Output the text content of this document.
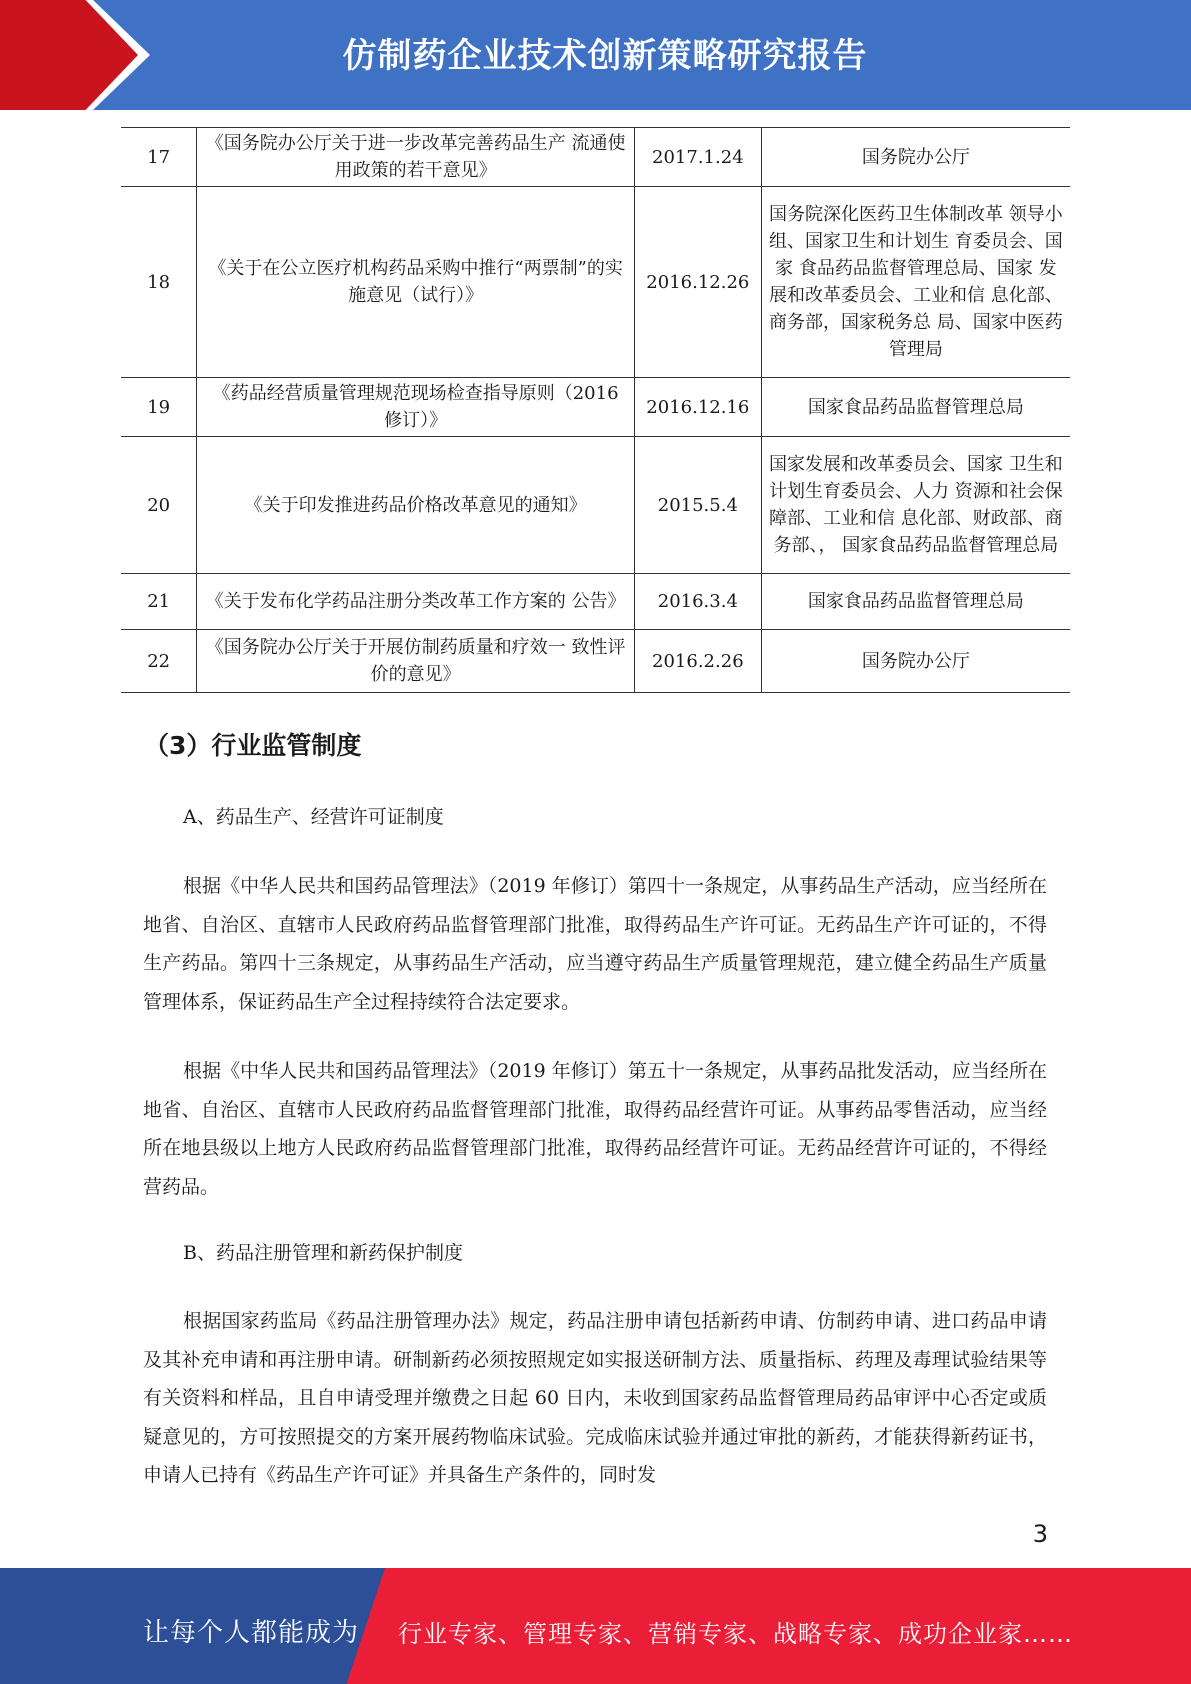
仿制药企业技术创新策略研究报告
17	《国务院办公厅关于进一步改革完善药品生产 流通使用政策的若干意见》	2017.1.24	国务院办公厅
18	《关于在公立医疗机构药品采购中推行“两票制”的实施意见（试行）》	2016.12.26	国务院深化医药卫生体制改革 领导小组、国家卫生和计划生 育委员会、国家 食品药品监督管理总局、国家 发展和改革委员会、工业和信 息化部、商务部，国家税务总 局、国家中医药管理局
19	《药品经营质量管理规范现场检查指导原则（2016 修订）》	2016.12.16	国家食品药品监督管理总局
20	《关于印发推进药品价格改革意见的通知》	2015.5.4	国家发展和改革委员会、国家 卫生和计划生育委员会、人力 资源和社会保障部、工业和信 息化部、财政部、商务部、， 国家食品药品监督管理总局
21	《关于发布化学药品注册分类改革工作方案的 公告》	2016.3.4	国家食品药品监督管理总局
22	《国务院办公厅关于开展仿制药质量和疗效一 致性评价的意见》	2016.2.26	国务院办公厅
（3）行业监管制度
A、药品生产、经营许可证制度
根据《中华人民共和国药品管理法》（2019 年修订）第四十一条规定，从事药品生产活动，应当经所在地省、自治区、直辖市人民政府药品监督管理部门批准，取得药品生产许可证。无药品生产许可证的，不得生产药品。第四十三条规定，从事药品生产活动，应当遵守药品生产质量管理规范，建立健全药品生产质量管理体系，保证药品生产全过程持续符合法定要求。
根据《中华人民共和国药品管理法》（2019 年修订）第五十一条规定，从事药品批发活动，应当经所在地省、自治区、直辖市人民政府药品监督管理部门批准，取得药品经营许可证。从事药品零售活动，应当经所在地县级以上地方人民政府药品监督管理部门批准，取得药品经营许可证。无药品经营许可证的，不得经营药品。
B、药品注册管理和新药保护制度
根据国家药监局《药品注册管理办法》规定，药品注册申请包括新药申请、仿制药申请、进口药品申请及其补充申请和再注册申请。研制新药必须按照规定如实报送研制方法、质量指标、药理及毒理试验结果等有关资料和样品，且自申请受理并缴费之日起 60 日内，未收到国家药品监督管理局药品审评中心否定或质疑意见的，方可按照提交的方案开展药物临床试验。完成临床试验并通过审批的新药，才能获得新药证书，申请人已持有《药品生产许可证》并具备生产条件的，同时发
3
让每个人都能成为 行业专家、管理专家、营销专家、战略专家、成功企业家……
